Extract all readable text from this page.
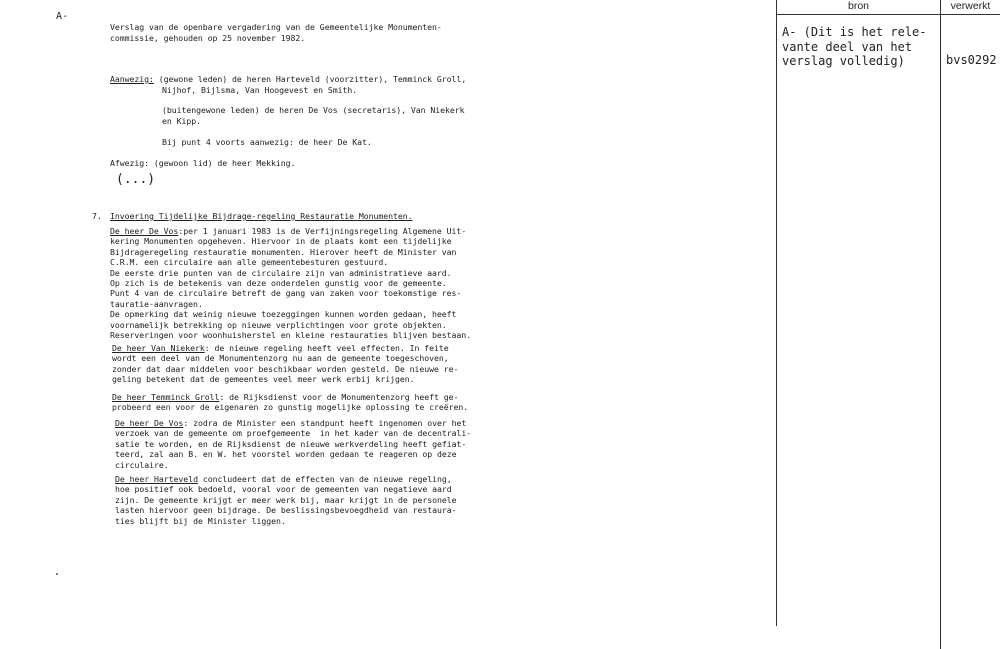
A-
Verslag van de openbare vergadering van de Gemeentelijke Monumenten-
commissie, gehouden op 25 november 1982.
Aanwezig: (gewone leden) de heren Harteveld (voorzitter), Temminck Groll,
Nijhof, Bijlsma, Van Hoogevest en Smith.
(buitengewone leden) de heren De Vos (secretaris), Van Niekerk
en Kipp.
Bij punt 4 voorts aanwezig: de heer De Kat.
Afwezig: (gewoon lid) de heer Mekking.
(...)
7. Invoering Tijdelijke Bijdrage-regeling Restauratie Monumenten.
De heer De Vos:per 1 januari 1983 is de Verfijningsregeling Algemene Uit-
kering Monumenten opgeheven. Hiervoor in de plaats komt een tijdelijke
Bijdrageregeling restauratie monumenten. Hierover heeft de Minister van
C.R.M. een circulaire aan alle gemeentebesturen gestuurd.
De eerste drie punten van de circulaire zijn van administratieve aard.
Op zich is de betekenis van deze onderdelen gunstig voor de gemeente.
Punt 4 van de circulaire betreft de gang van zaken voor toekomstige res-
tauratie-aanvragen.
De opmerking dat weinig nieuwe toezeggingen kunnen worden gedaan, heeft
voornamelijk betrekking op nieuwe verplichtingen voor grote objekten.
Reserveringen voor woonhuisherstel en kleine restauraties blijven bestaan.
De heer Van Niekerk: de nieuwe regeling heeft veel effecten. In feite
wordt een deel van de Monumentenzorg nu aan de gemeente toegeschoven,
zonder dat daar middelen voor beschikbaar worden gesteld. De nieuwe re-
geling betekent dat de gemeentes veel meer werk erbij krijgen.
De heer Temminck Groll: de Rijksdienst voor de Monumentenzorg heeft ge-
probeerd een voor de eigenaren zo gunstig mogelijke oplossing te creëren.
De heer De Vos: zodra de Minister een standpunt heeft ingenomen over het
verzoek van de gemeente om proefgemeente  in het kader van de decentrali-
satie te worden, en de Rijksdienst de nieuwe werkverdeling heeft gefiat-
teerd, zal aan B. en W. het voorstel worden gedaan te reageren op deze
circulaire.
De heer Harteveld concludeert dat de effecten van de nieuwe regeling,
hoe positief ook bedoeld, vooral voor de gemeenten van negatieve aard
zijn. De gemeente krijgt er meer werk bij, maar krijgt in de personele
lasten hiervoor geen bijdrage. De beslissingsbevoegdheid van restaura-
ties blijft bij de Minister liggen.
bron	verwerkt
A- (Dit is het rele-
vante deel van het
verslag volledig)	bvs0292
